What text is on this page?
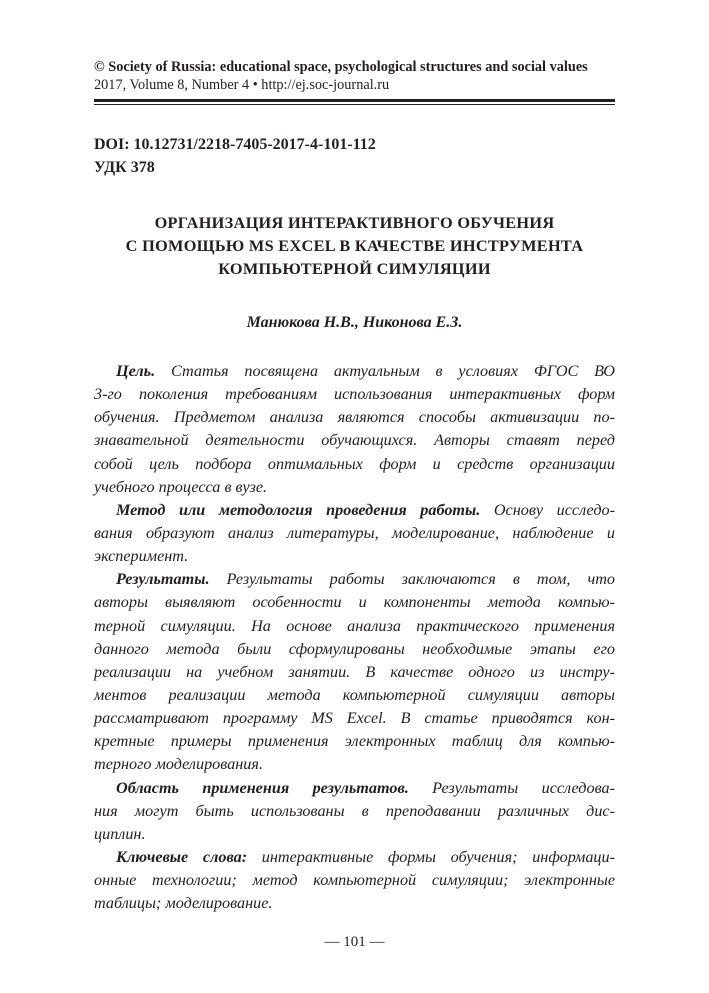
© Society of Russia: educational space, psychological structures and social values
2017, Volume 8, Number 4 • http://ej.soc-journal.ru
DOI: 10.12731/2218-7405-2017-4-101-112
УДК 378
ОРГАНИЗАЦИЯ ИНТЕРАКТИВНОГО ОБУЧЕНИЯ
С ПОМОЩЬЮ MS EXCEL В КАЧЕСТВЕ ИНСТРУМЕНТА
КОМПЬЮТЕРНОЙ СИМУЛЯЦИИ
Манюкова Н.В., Никонова Е.З.
Цель. Статья посвящена актуальным в условиях ФГОС ВО
3-го поколения требованиям использования интерактивных форм
обучения. Предметом анализа являются способы активизации по-
знавательной деятельности обучающихся. Авторы ставят перед
собой цель подбора оптимальных форм и средств организации
учебного процесса в вузе.
Метод или методология проведения работы. Основу исследо-
вания образуют анализ литературы, моделирование, наблюдение и
эксперимент.
Результаты. Результаты работы заключаются в том, что
авторы выявляют особенности и компоненты метода компью-
терной симуляции. На основе анализа практического применения
данного метода были сформулированы необходимые этапы его
реализации на учебном занятии. В качестве одного из инстру-
ментов реализации метода компьютерной симуляции авторы
рассматривают программу MS Excel. В статье приводятся кон-
кретные примеры применения электронных таблиц для компью-
терного моделирования.
Область применения результатов. Результаты исследова-
ния могут быть использованы в преподавании различных дис-
циплин.
Ключевые слова: интерактивные формы обучения; информаци-
онные технологии; метод компьютерной симуляции; электронные
таблицы; моделирование.
— 101 —
